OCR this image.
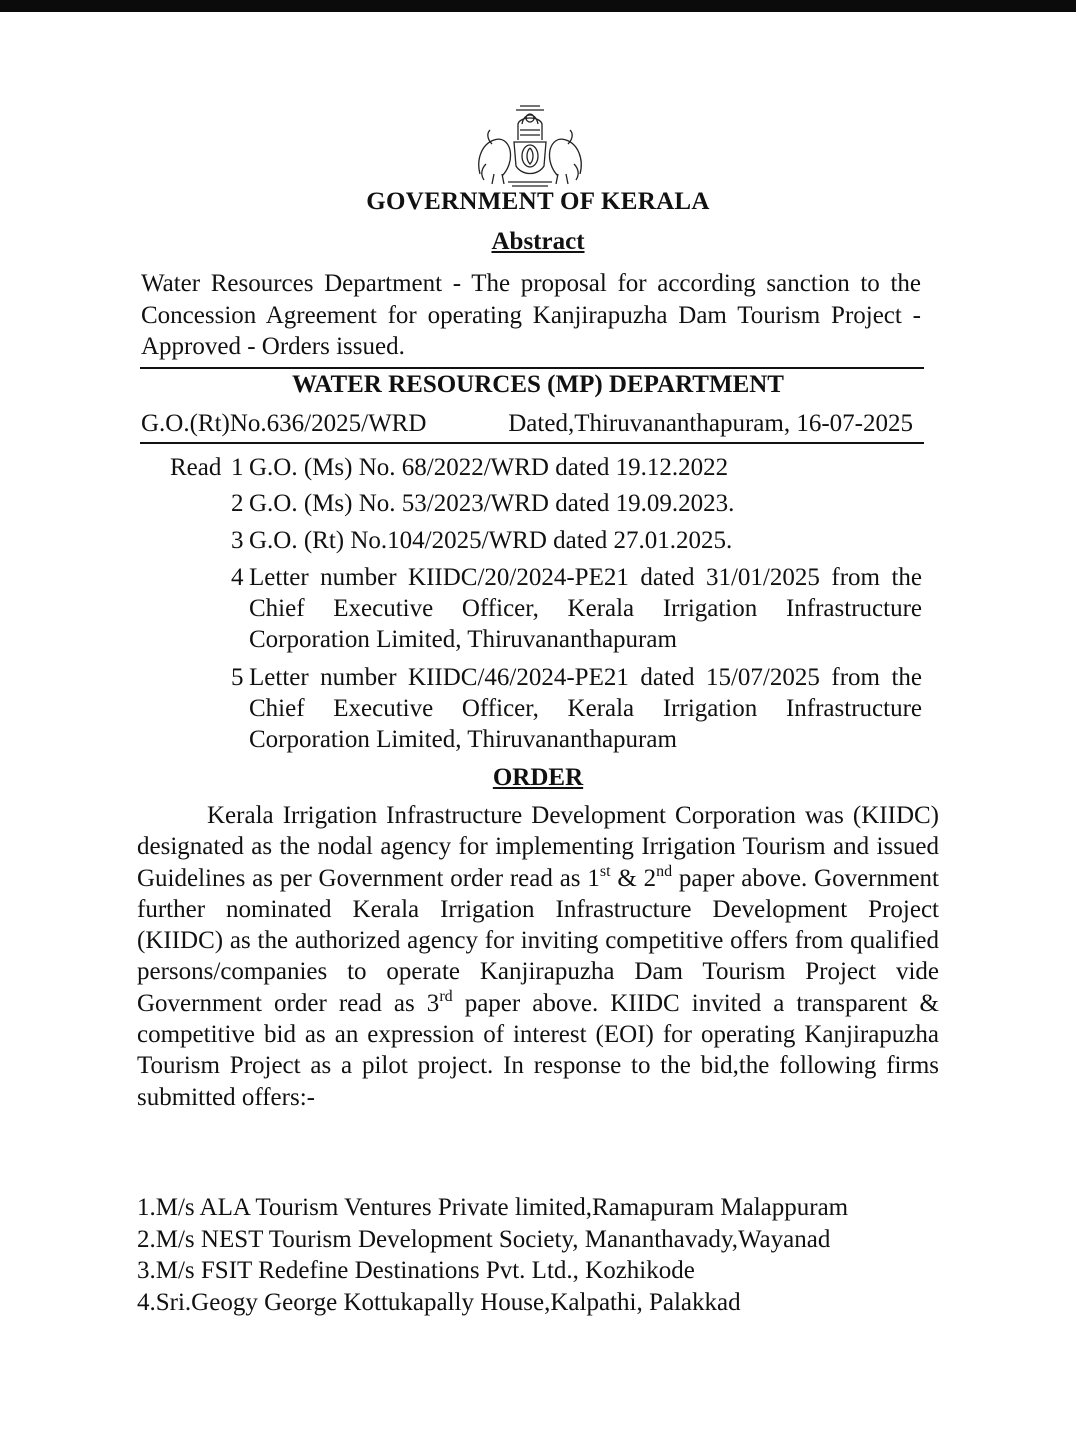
GOVERNMENT OF KERALA
Abstract
Water Resources Department - The proposal for according sanction to the Concession Agreement for operating Kanjirapuzha Dam Tourism Project - Approved - Orders issued.
WATER RESOURCES (MP) DEPARTMENT
G.O.(Rt)No.636/2025/WRD	Dated,Thiruvananthapuram, 16-07-2025
Read 1 G.O. (Ms) No. 68/2022/WRD dated 19.12.2022
2 G.O. (Ms) No. 53/2023/WRD dated 19.09.2023.
3 G.O. (Rt) No.104/2025/WRD dated 27.01.2025.
4 Letter number KIIDC/20/2024-PE21 dated 31/01/2025 from the Chief Executive Officer, Kerala Irrigation Infrastructure Corporation Limited, Thiruvananthapuram
5 Letter number KIIDC/46/2024-PE21 dated 15/07/2025 from the Chief Executive Officer, Kerala Irrigation Infrastructure Corporation Limited, Thiruvananthapuram
ORDER
Kerala Irrigation Infrastructure Development Corporation was (KIIDC) designated as the nodal agency for implementing Irrigation Tourism and issued Guidelines as per Government order read as 1st & 2nd paper above. Government further nominated Kerala Irrigation Infrastructure Development Project (KIIDC) as the authorized agency for inviting competitive offers from qualified persons/companies to operate Kanjirapuzha Dam Tourism Project vide Government order read as 3rd paper above. KIIDC invited a transparent & competitive bid as an expression of interest (EOI) for operating Kanjirapuzha Tourism Project as a pilot project. In response to the bid,the following firms submitted offers:-
1.M/s ALA Tourism Ventures Private limited,Ramapuram Malappuram
2.M/s NEST Tourism Development Society, Mananthavady,Wayanad
3.M/s FSIT Redefine Destinations Pvt. Ltd., Kozhikode
4.Sri.Geogy George Kottukapally House,Kalpathi, Palakkad
